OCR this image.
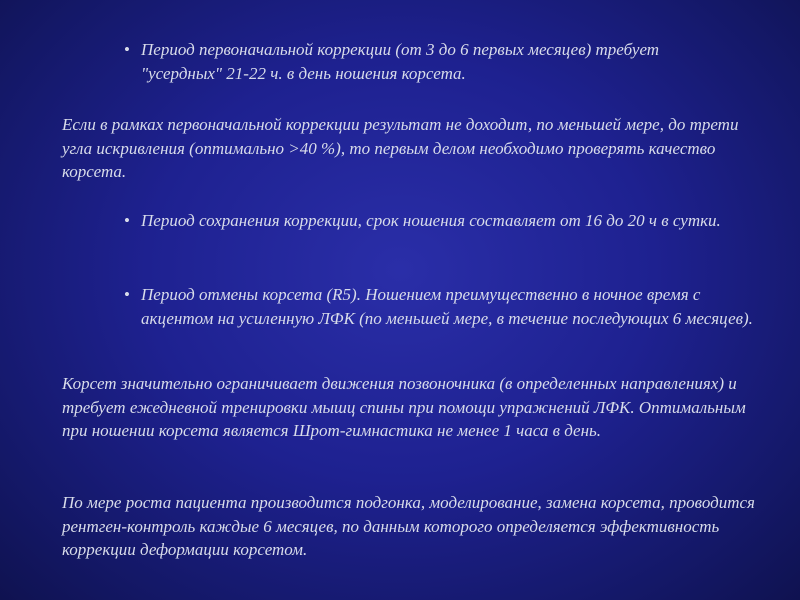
• Период первоначальной коррекции (от 3 до 6 первых месяцев) требует "усердных" 21-22 ч. в день ношения корсета.
Если в рамках первоначальной коррекции результат не доходит, по меньшей мере, до трети угла искривления (оптимально >40 %), то первым делом необходимо проверять качество корсета.
• Период сохранения коррекции, срок ношения составляет от 16 до 20 ч в сутки.
• Период отмены корсета (R5). Ношением преимущественно в ночное время с акцентом на усиленную ЛФК (по меньшей мере, в течение последующих 6 месяцев).
Корсет значительно ограничивает движения позвоночника (в определенных направлениях) и требует ежедневной тренировки мышц спины при помощи упражнений ЛФК. Оптимальным при ношении корсета является Шрот-гимнастика не менее 1 часа в день.
По мере роста пациента производится подгонка, моделирование, замена корсета, проводится рентген-контроль каждые 6 месяцев, по данным которого определяется эффективность коррекции деформации корсетом.
